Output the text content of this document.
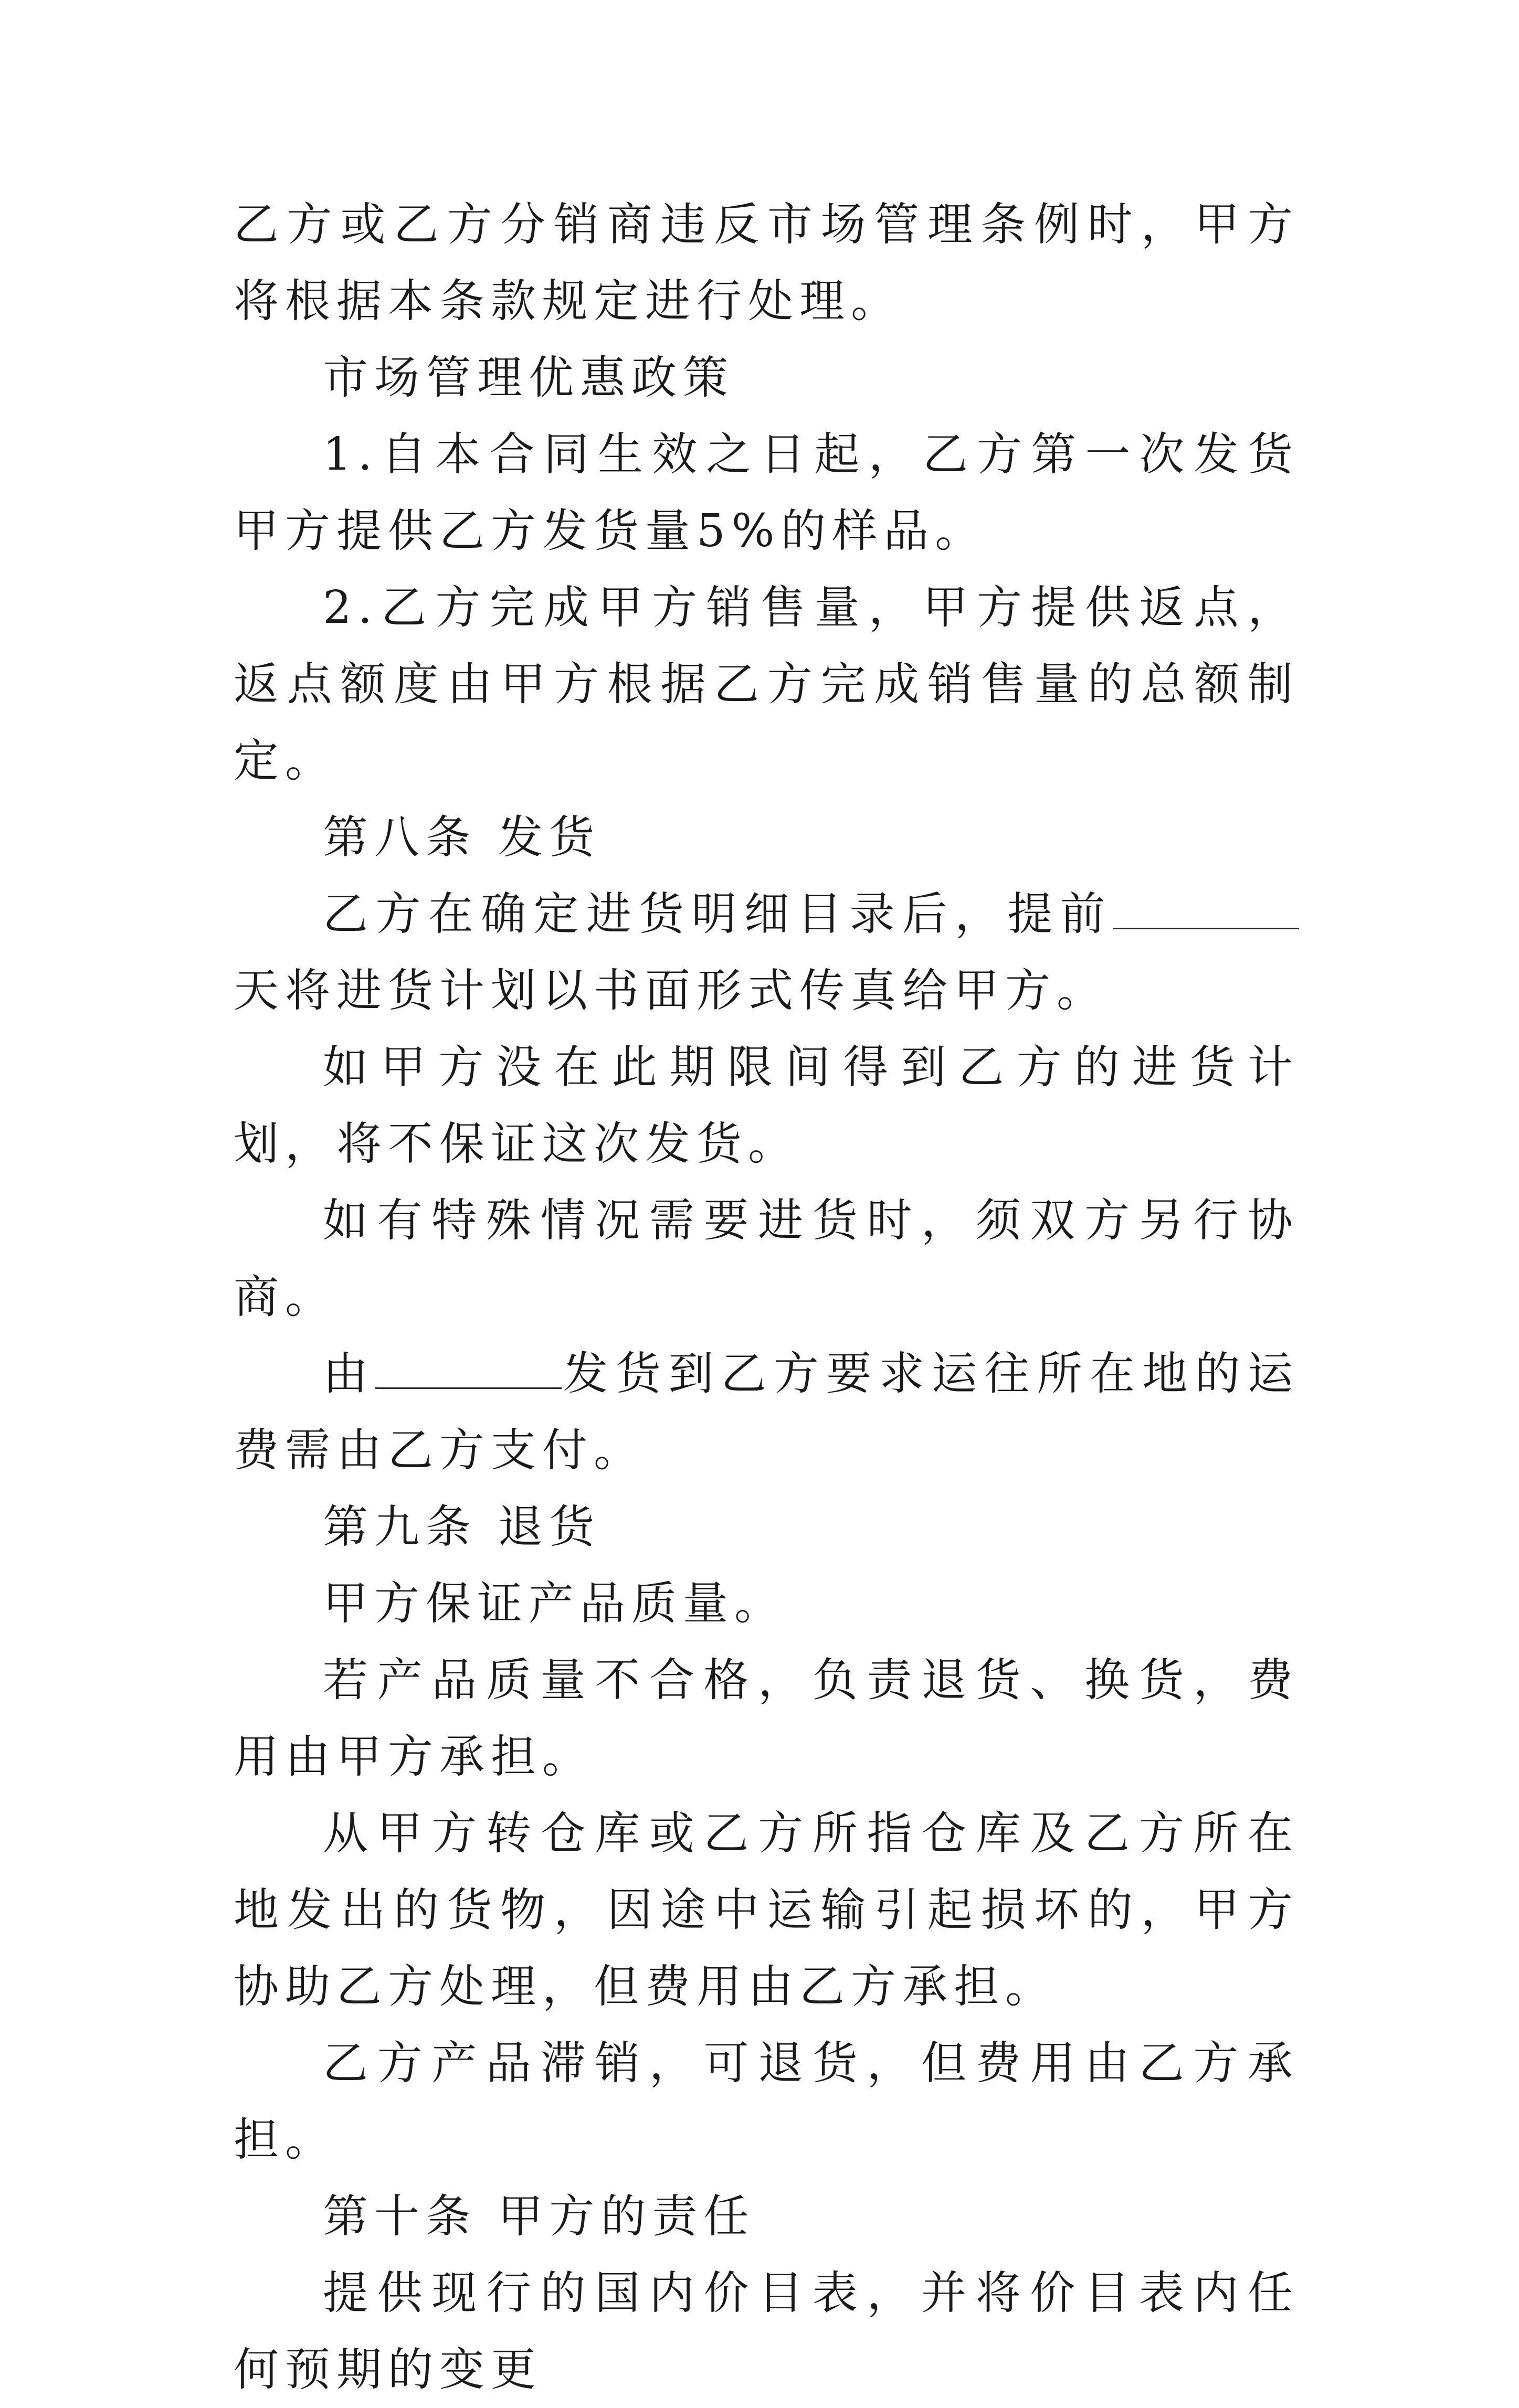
乙方或乙方分销商违反市场管理条例时，甲方将根据本条款规定进行处理。

市场管理优惠政策

1.自本合同生效之日起，乙方第一次发货甲方提供乙方发货量5%的样品。

2.乙方完成甲方销售量，甲方提供返点，返点额度由甲方根据乙方完成销售量的总额制定。

第八条 发货

乙方在确定进货明细目录后，提前天将进货计划以书面形式传真给甲方。

如甲方没在此期限间得到乙方的进货计划，将不保证这次发货。

如有特殊情况需要进货时，须双方另行协商。

由	发货到乙方要求运往所在地的运费需由乙方支付。

第九条 退货

甲方保证产品质量。

若产品质量不合格，负责退货、换货，费用由甲方承担。

从甲方转仓库或乙方所指仓库及乙方所在地发出的货物，因途中运输引起损坏的，甲方协助乙方处理，但费用由乙方承担。

乙方产品滞销，可退货，但费用由乙方承担。

第十条 甲方的责任

提供现行的国内价目表，并将价目表内任何预期的变更
